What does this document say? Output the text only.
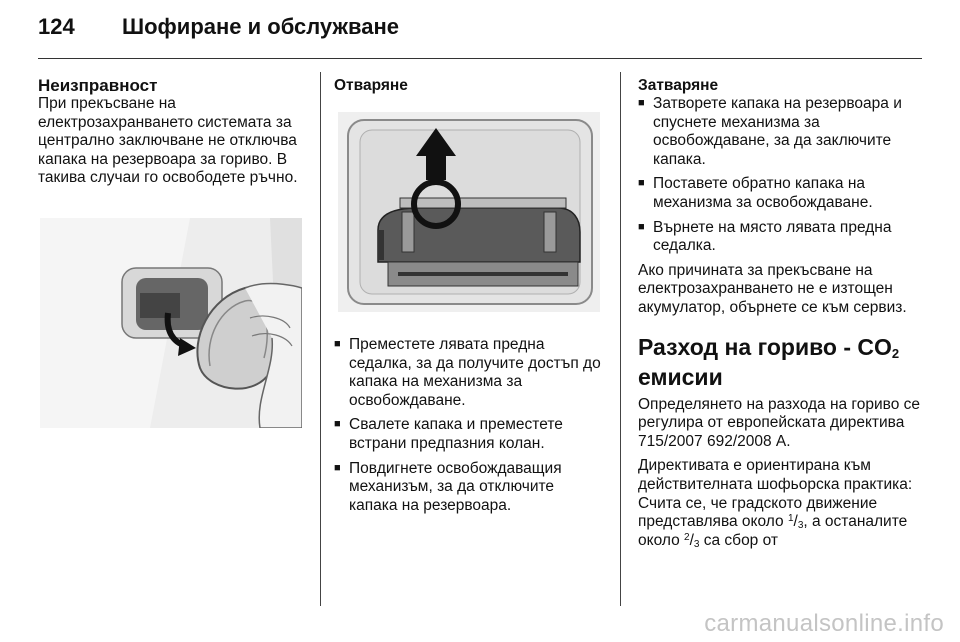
124 Шофиране и обслужване
Неизправност

При прекъсване на електрозахранването системата за централно заключване не отключва капака на резервоара за гориво. В такива случаи го освободете ръчно.

Отваряне
■ Преместете лявата предна седалка, за да получите достъп до капака на механизма за освобождаване.
■ Свалете капака и преместете встрани предпазния колан.
■ Повдигнете освобождаващия механизъм, за да отключите капака на резервоара.
Затваряне
■ Затворете капака на резервоара и спуснете механизма за освобождаване, за да заключите капака.
■ Поставете обратно капака на механизма за освобождаване.
■ Върнете на място лявата предна седалка.

Ако причината за прекъсване на електрозахранването не е изтощен акумулатор, обърнете се към сервиз.

Разход на гориво - $CO_2$
емисии

Определянето на разхода на гориво се регулира от европейската директива 715/2007 692/2008 A.

Директивата е ориентирана към действителната шофьорска практика: Счита се, че градското движение представлява около $^1/_3$, а останалите около $^2/_3$ са сбор от

carmanualsonline.info
